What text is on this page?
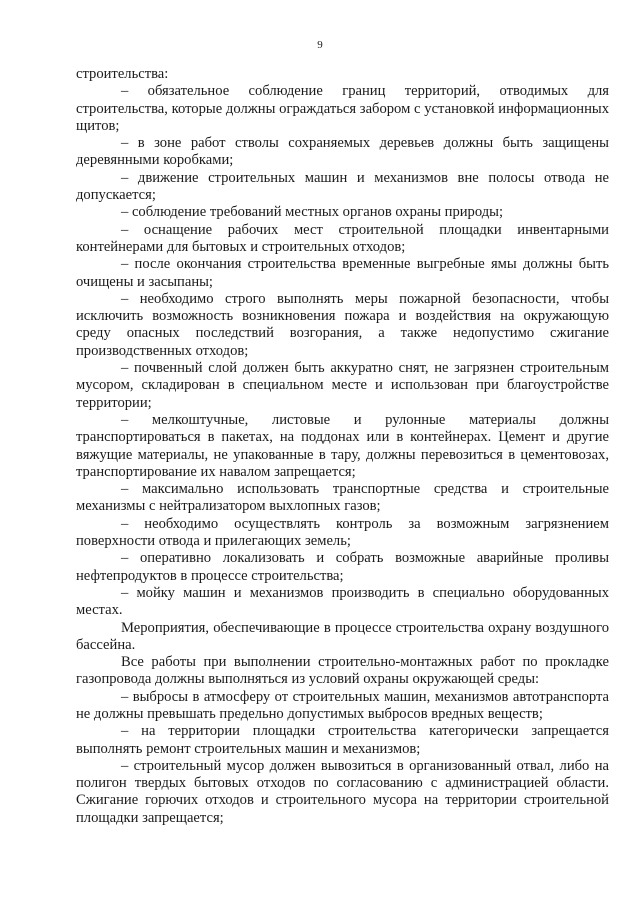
9

строительства:

– обязательное соблюдение границ территорий, отводимых для строительства, которые должны ограждаться забором с установкой информационных щитов;

– в зоне работ стволы сохраняемых деревьев должны быть защищены деревянными коробками;

– движение строительных машин и механизмов вне полосы отвода не допускается;

– соблюдение требований местных органов охраны природы;

– оснащение рабочих мест строительной площадки инвентарными контейнерами для бытовых и строительных отходов;

– после окончания строительства временные выгребные ямы должны быть очищены и засыпаны;

– необходимо строго выполнять меры пожарной безопасности, чтобы исключить возможность возникновения пожара и воздействия на окружающую среду опасных последствий возгорания, а также недопустимо сжигание производственных отходов;

– почвенный слой должен быть аккуратно снят, не загрязнен строительным мусором, складирован в специальном месте и использован при благоустройстве территории;

– мелкоштучные, листовые и рулонные материалы должны транспортироваться в пакетах, на поддонах или в контейнерах. Цемент и другие вяжущие материалы, не упакованные в тару, должны перевозиться в цементовозах, транспортирование их навалом запрещается;

– максимально использовать транспортные средства и строительные механизмы с нейтрализатором выхлопных газов;

– необходимо осуществлять контроль за возможным загрязнением поверхности отвода и прилегающих земель;

– оперативно локализовать и собрать возможные аварийные проливы нефтепродуктов в процессе строительства;

– мойку машин и механизмов производить в специально оборудованных местах.

Мероприятия, обеспечивающие в процессе строительства охрану воздушного бассейна.

Все работы при выполнении строительно-монтажных работ по прокладке газопровода должны выполняться из условий охраны окружающей среды:

– выбросы в атмосферу от строительных машин, механизмов автотранспорта не должны превышать предельно допустимых выбросов вредных веществ;

– на территории площадки строительства категорически запрещается выполнять ремонт строительных машин и механизмов;

– строительный мусор должен вывозиться в организованный отвал, либо на полигон твердых бытовых отходов по согласованию с администрацией области. Сжигание горючих отходов и строительного мусора на территории строительной площадки запрещается;
